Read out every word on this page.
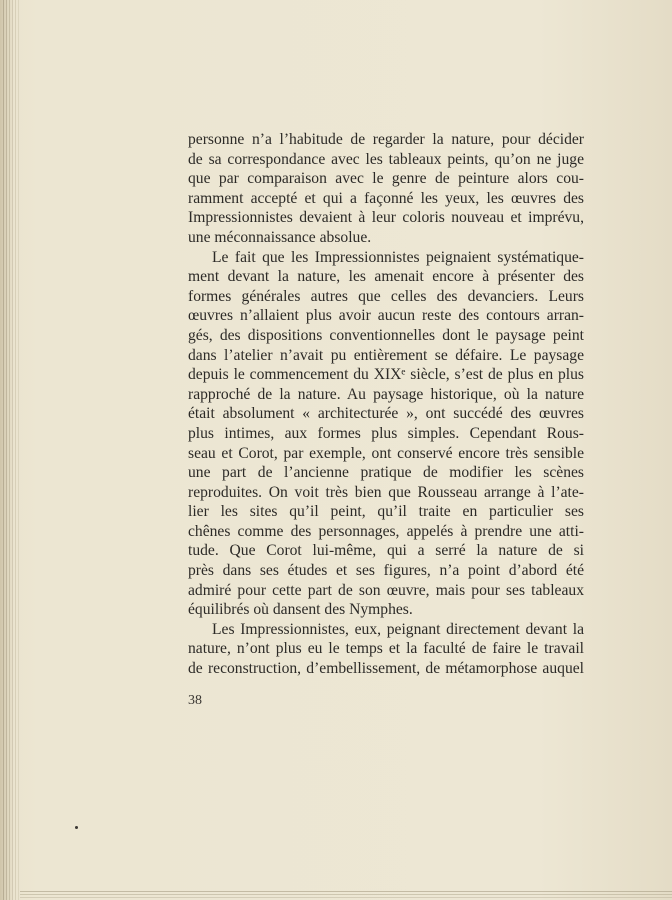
personne n’a l’habitude de regarder la nature, pour décider
de sa correspondance avec les tableaux peints, qu’on ne juge
que par comparaison avec le genre de peinture alors cou-
ramment accepté et qui a façonné les yeux, les œuvres des
Impressionnistes devaient à leur coloris nouveau et imprévu,
une méconnaissance absolue.
Le fait que les Impressionnistes peignaient systématique-
ment devant la nature, les amenait encore à présenter des
formes générales autres que celles des devanciers. Leurs
œuvres n’allaient plus avoir aucun reste des contours arran-
gés, des dispositions conventionnelles dont le paysage peint
dans l’atelier n’avait pu entièrement se défaire. Le paysage
depuis le commencement du XIXᵉ siècle, s’est de plus en plus
rapproché de la nature. Au paysage historique, où la nature
était absolument « architecturée », ont succédé des œuvres
plus intimes, aux formes plus simples. Cependant Rous-
seau et Corot, par exemple, ont conservé encore très sensible
une part de l’ancienne pratique de modifier les scènes
reproduites. On voit très bien que Rousseau arrange à l’ate-
lier les sites qu’il peint, qu’il traite en particulier ses
chênes comme des personnages, appelés à prendre une atti-
tude. Que Corot lui-même, qui a serré la nature de si
près dans ses études et ses figures, n’a point d’abord été
admiré pour cette part de son œuvre, mais pour ses tableaux
équilibrés où dansent des Nymphes.
Les Impressionnistes, eux, peignant directement devant la
nature, n’ont plus eu le temps et la faculté de faire le travail
de reconstruction, d’embellissement, de métamorphose auquel
38
